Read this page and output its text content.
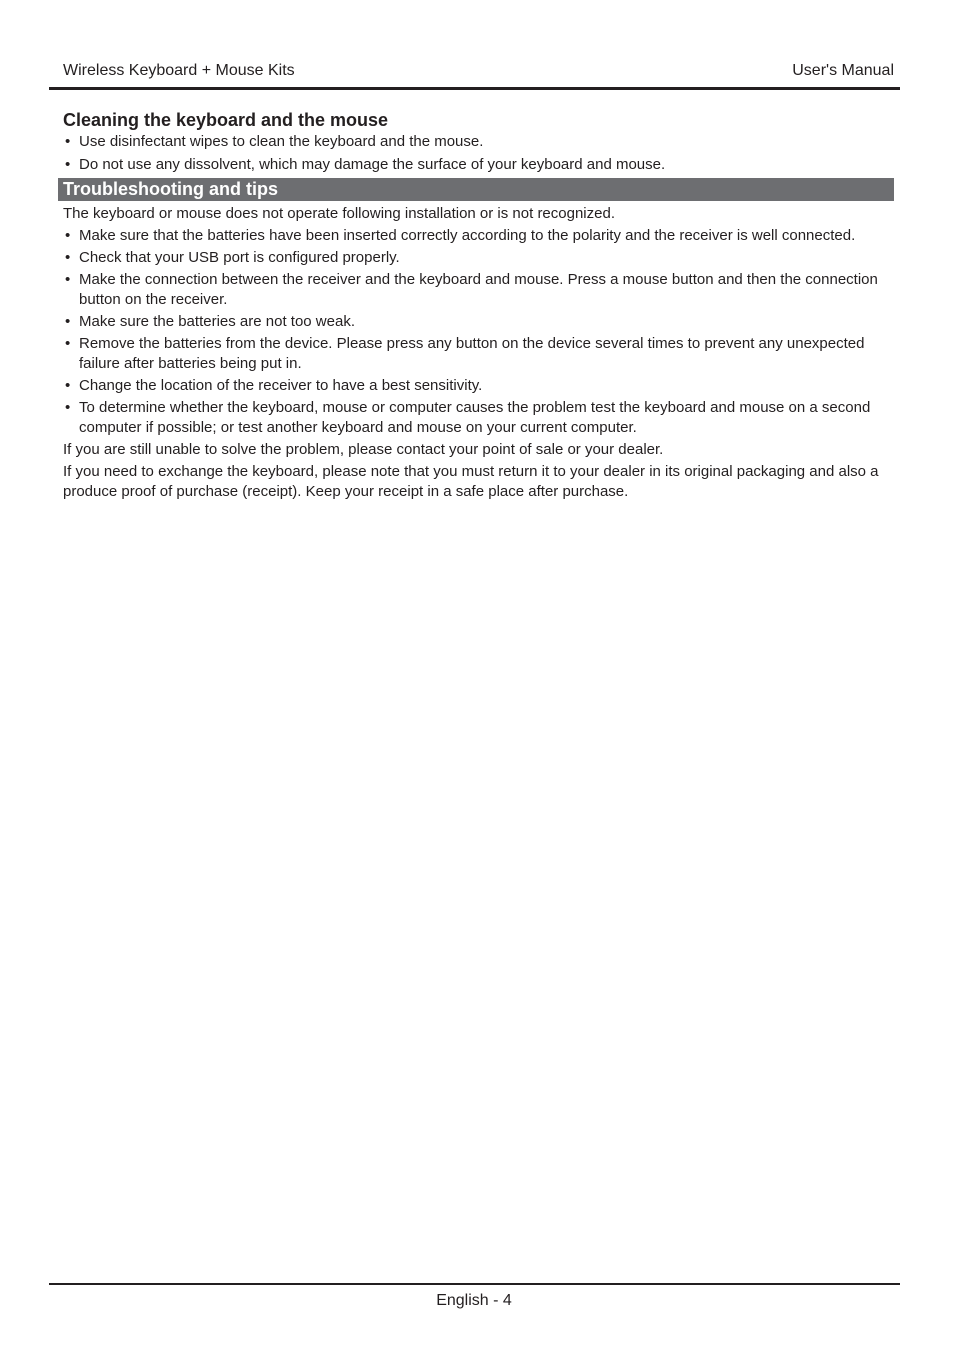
Wireless Keyboard + Mouse Kits	User's Manual
Cleaning the keyboard and the mouse

• Use disinfectant wipes to clean the keyboard and the mouse.

• Do not use any dissolvent, which may damage the surface of your keyboard and mouse.

Troubleshooting and tips

The keyboard or mouse does not operate following installation or is not recognized.

• Make sure that the batteries have been inserted correctly according to the polarity and the receiver is well connected.

• Check that your USB port is configured properly.

• Make the connection between the receiver and the keyboard and mouse. Press a mouse button and then the connection button on the receiver.

• Make sure the batteries are not too weak.

• Remove the batteries from the device. Please press any button on the device several times to prevent any unexpected failure after batteries being put in.

• Change the location of the receiver to have a best sensitivity.

• To determine whether the keyboard, mouse or computer causes the problem test the keyboard and mouse on a second computer if possible; or test another keyboard and mouse on your current computer.

If you are still unable to solve the problem, please contact your point of sale or your dealer.

If you need to exchange the keyboard, please note that you must return it to your dealer in its original packaging and also a produce proof of purchase (receipt). Keep your receipt in a safe place after purchase.

English - 4
